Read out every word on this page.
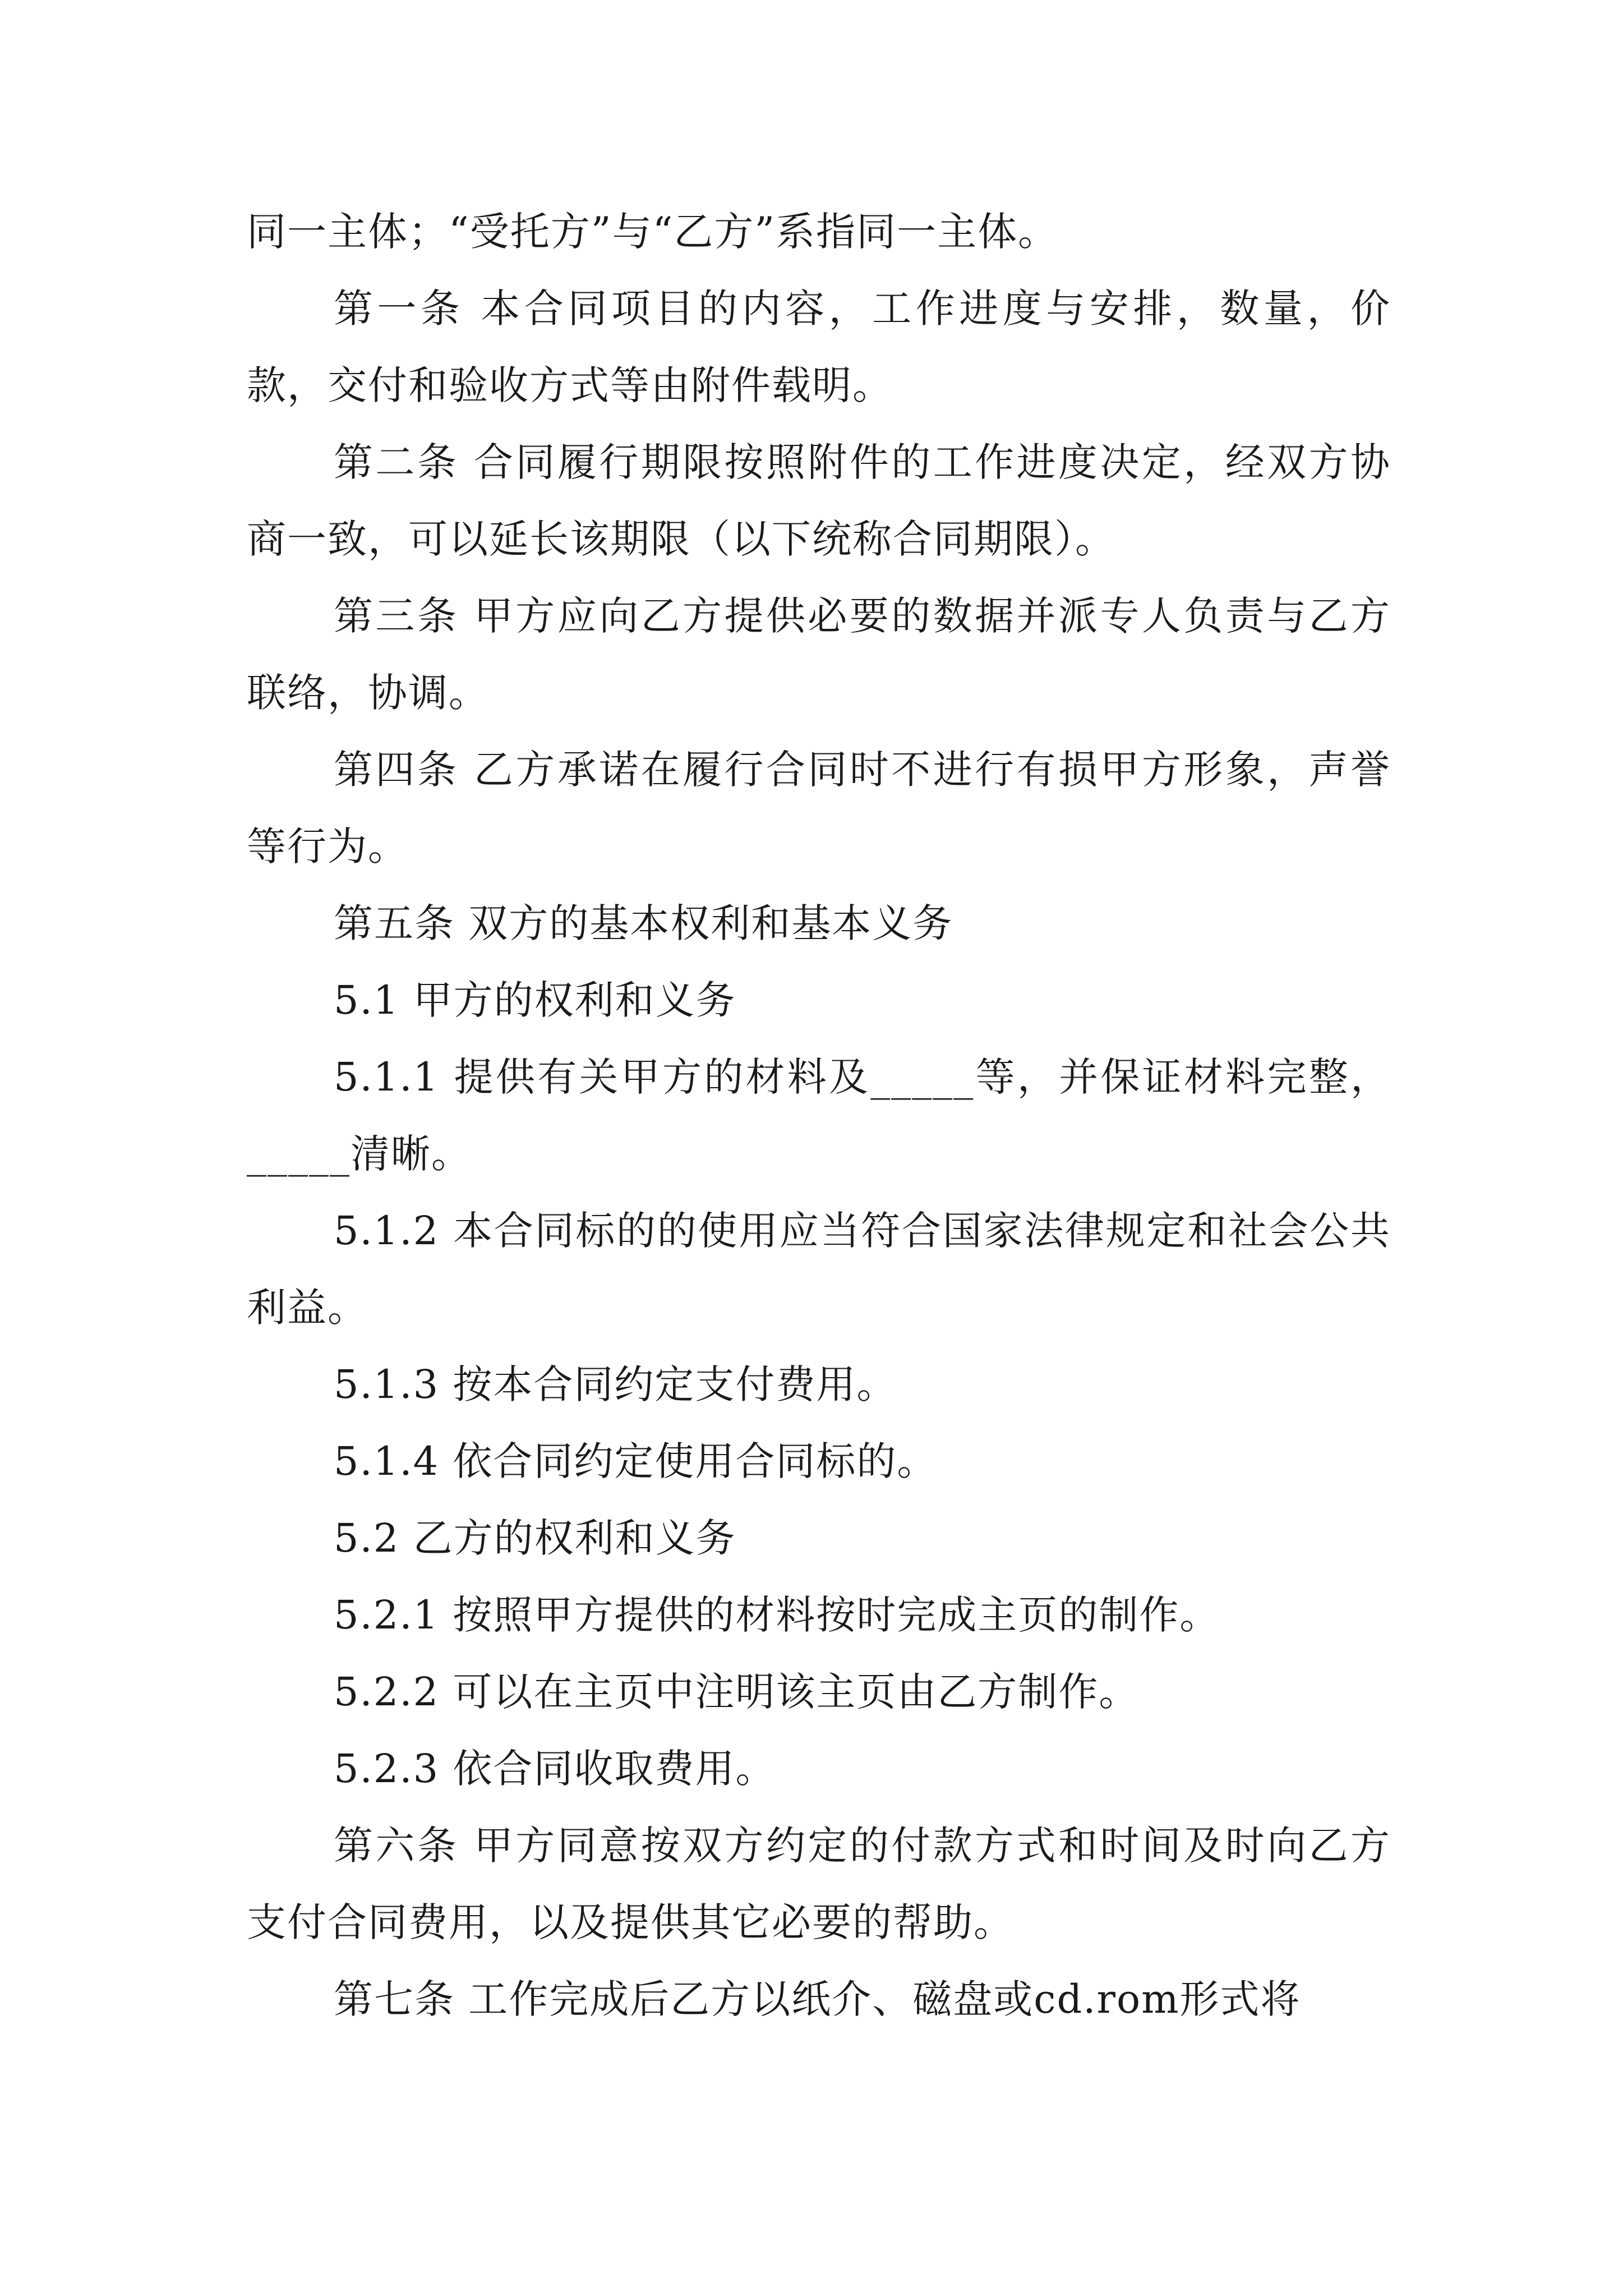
同一主体；“受托方”与“乙方”系指同一主体。

第一条 本合同项目的内容，工作进度与安排，数量，价款，交付和验收方式等由附件载明。

第二条 合同履行期限按照附件的工作进度决定，经双方协商一致，可以延长该期限（以下统称合同期限）。

第三条 甲方应向乙方提供必要的数据并派专人负责与乙方联络，协调。

第四条 乙方承诺在履行合同时不进行有损甲方形象，声誉等行为。

第五条 双方的基本权利和基本义务

5.1 甲方的权利和义务

5.1.1 提供有关甲方的材料及_____等，并保证材料完整，_____清晰。

5.1.2 本合同标的的使用应当符合国家法律规定和社会公共利益。

5.1.3 按本合同约定支付费用。

5.1.4 依合同约定使用合同标的。

5.2 乙方的权利和义务

5.2.1 按照甲方提供的材料按时完成主页的制作。

5.2.2 可以在主页中注明该主页由乙方制作。

5.2.3 依合同收取费用。

第六条 甲方同意按双方约定的付款方式和时间及时向乙方支付合同费用，以及提供其它必要的帮助。

第七条 工作完成后乙方以纸介、磁盘或cd.rom形式将
